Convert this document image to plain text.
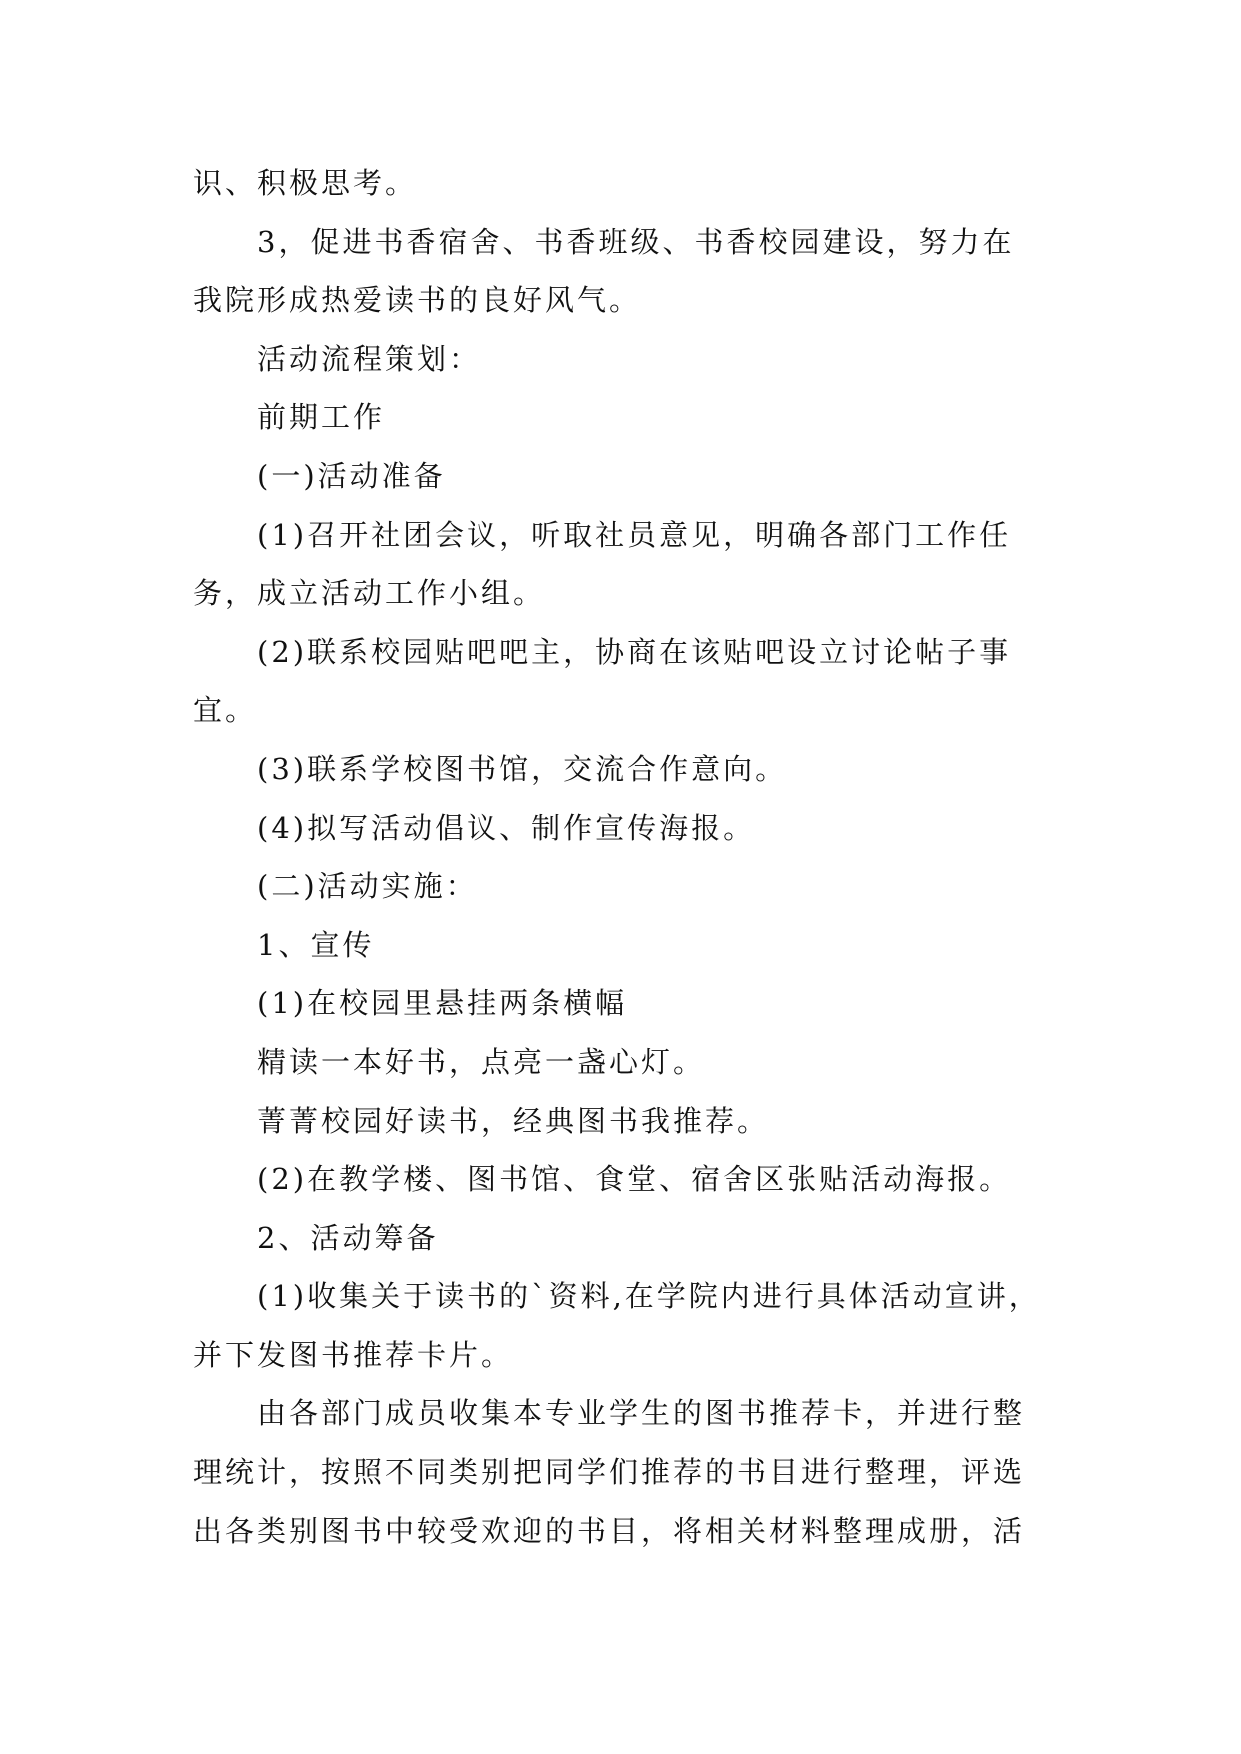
识、积极思考。
3，促进书香宿舍、书香班级、书香校园建设，努力在
我院形成热爱读书的良好风气。
活动流程策划：
前期工作
(一)活动准备
(1)召开社团会议，听取社员意见，明确各部门工作任
务，成立活动工作小组。
(2)联系校园贴吧吧主，协商在该贴吧设立讨论帖子事
宜。
(3)联系学校图书馆，交流合作意向。
(4)拟写活动倡议、制作宣传海报。
(二)活动实施：
1、宣传
(1)在校园里悬挂两条横幅
精读一本好书，点亮一盏心灯。
菁菁校园好读书，经典图书我推荐。
(2)在教学楼、图书馆、食堂、宿舍区张贴活动海报。
2、活动筹备
(1)收集关于读书的`资料,在学院内进行具体活动宣讲，
并下发图书推荐卡片。
由各部门成员收集本专业学生的图书推荐卡，并进行整
理统计，按照不同类别把同学们推荐的书目进行整理，评选
出各类别图书中较受欢迎的书目，将相关材料整理成册，活
